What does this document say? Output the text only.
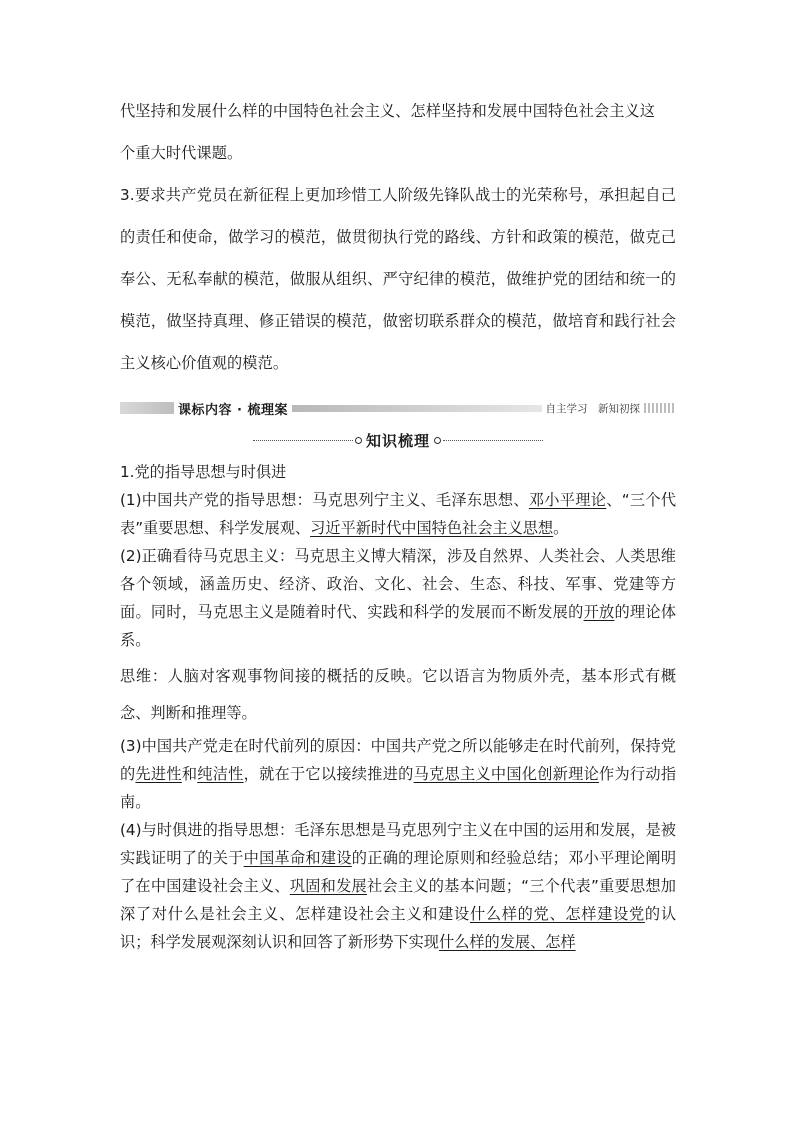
代坚持和发展什么样的中国特色社会主义、怎样坚持和发展中国特色社会主义这

个重大时代课题。

3.要求共产党员在新征程上更加珍惜工人阶级先锋队战士的光荣称号，承担起自己的责任和使命，做学习的模范，做贯彻执行党的路线、方针和政策的模范，做克己奉公、无私奉献的模范，做服从组织、严守纪律的模范，做维护党的团结和统一的模范，做坚持真理、修正错误的模范，做密切联系群众的模范，做培育和践行社会主义核心价值观的模范。

课标内容 · 梳理案	自主学习　新知初探
知识梳理

1.党的指导思想与时俱进

(1)中国共产党的指导思想：马克思列宁主义、毛泽东思想、邓小平理论、“三个代表”重要思想、科学发展观、习近平新时代中国特色社会主义思想。

(2)正确看待马克思主义：马克思主义博大精深，涉及自然界、人类社会、人类思维各个领域，涵盖历史、经济、政治、文化、社会、生态、科技、军事、党建等方面。同时，马克思主义是随着时代、实践和科学的发展而不断发展的开放的理论体系。

思维：人脑对客观事物间接的概括的反映。它以语言为物质外壳，基本形式有概念、判断和推理等。

(3)中国共产党走在时代前列的原因：中国共产党之所以能够走在时代前列，保持党的先进性和纯洁性，就在于它以接续推进的马克思主义中国化创新理论作为行动指南。

(4)与时俱进的指导思想：毛泽东思想是马克思列宁主义在中国的运用和发展，是被实践证明了的关于中国革命和建设的正确的理论原则和经验总结；邓小平理论阐明了在中国建设社会主义、巩固和发展社会主义的基本问题；“三个代表”重要思想加深了对什么是社会主义、怎样建设社会主义和建设什么样的党、怎样建设党的认识；科学发展观深刻认识和回答了新形势下实现什么样的发展、怎样
